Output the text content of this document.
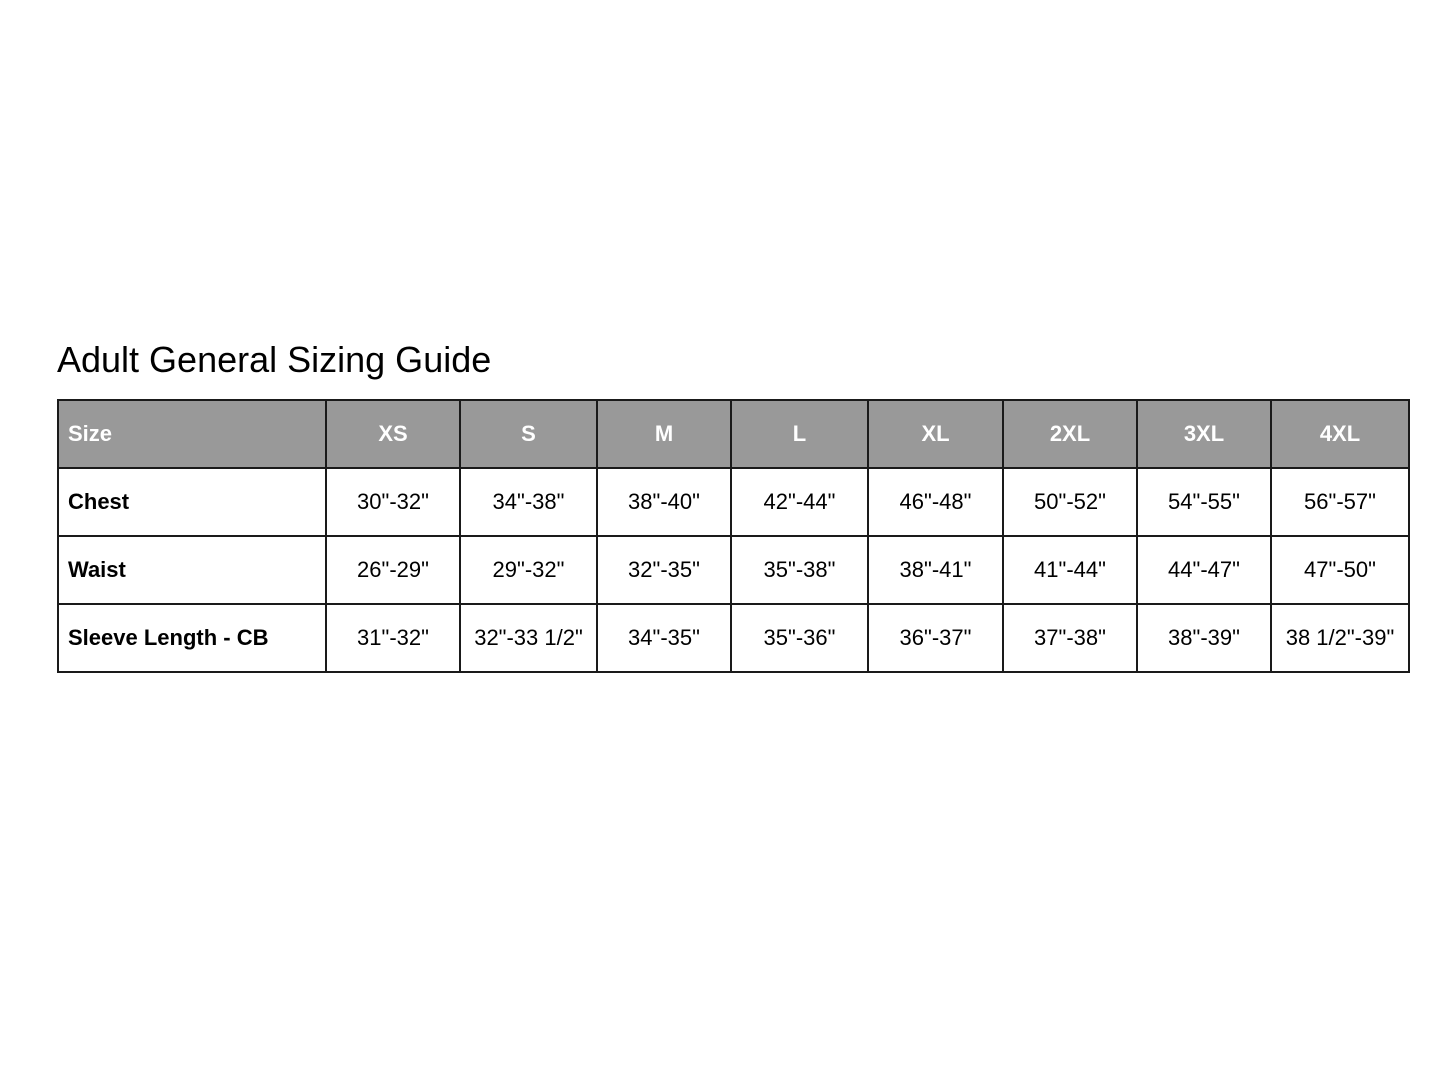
Adult General Sizing Guide
Size	XS	S	M	L	XL	2XL	3XL	4XL
Chest	30"-32"	34"-38"	38"-40"	42"-44"	46"-48"	50"-52"	54"-55"	56"-57"
Waist	26"-29"	29"-32"	32"-35"	35"-38"	38"-41"	41"-44"	44"-47"	47"-50"
Sleeve Length - CB	31"-32"	32"-33 1/2"	34"-35"	35"-36"	36"-37"	37"-38"	38"-39"	38 1/2"-39"
